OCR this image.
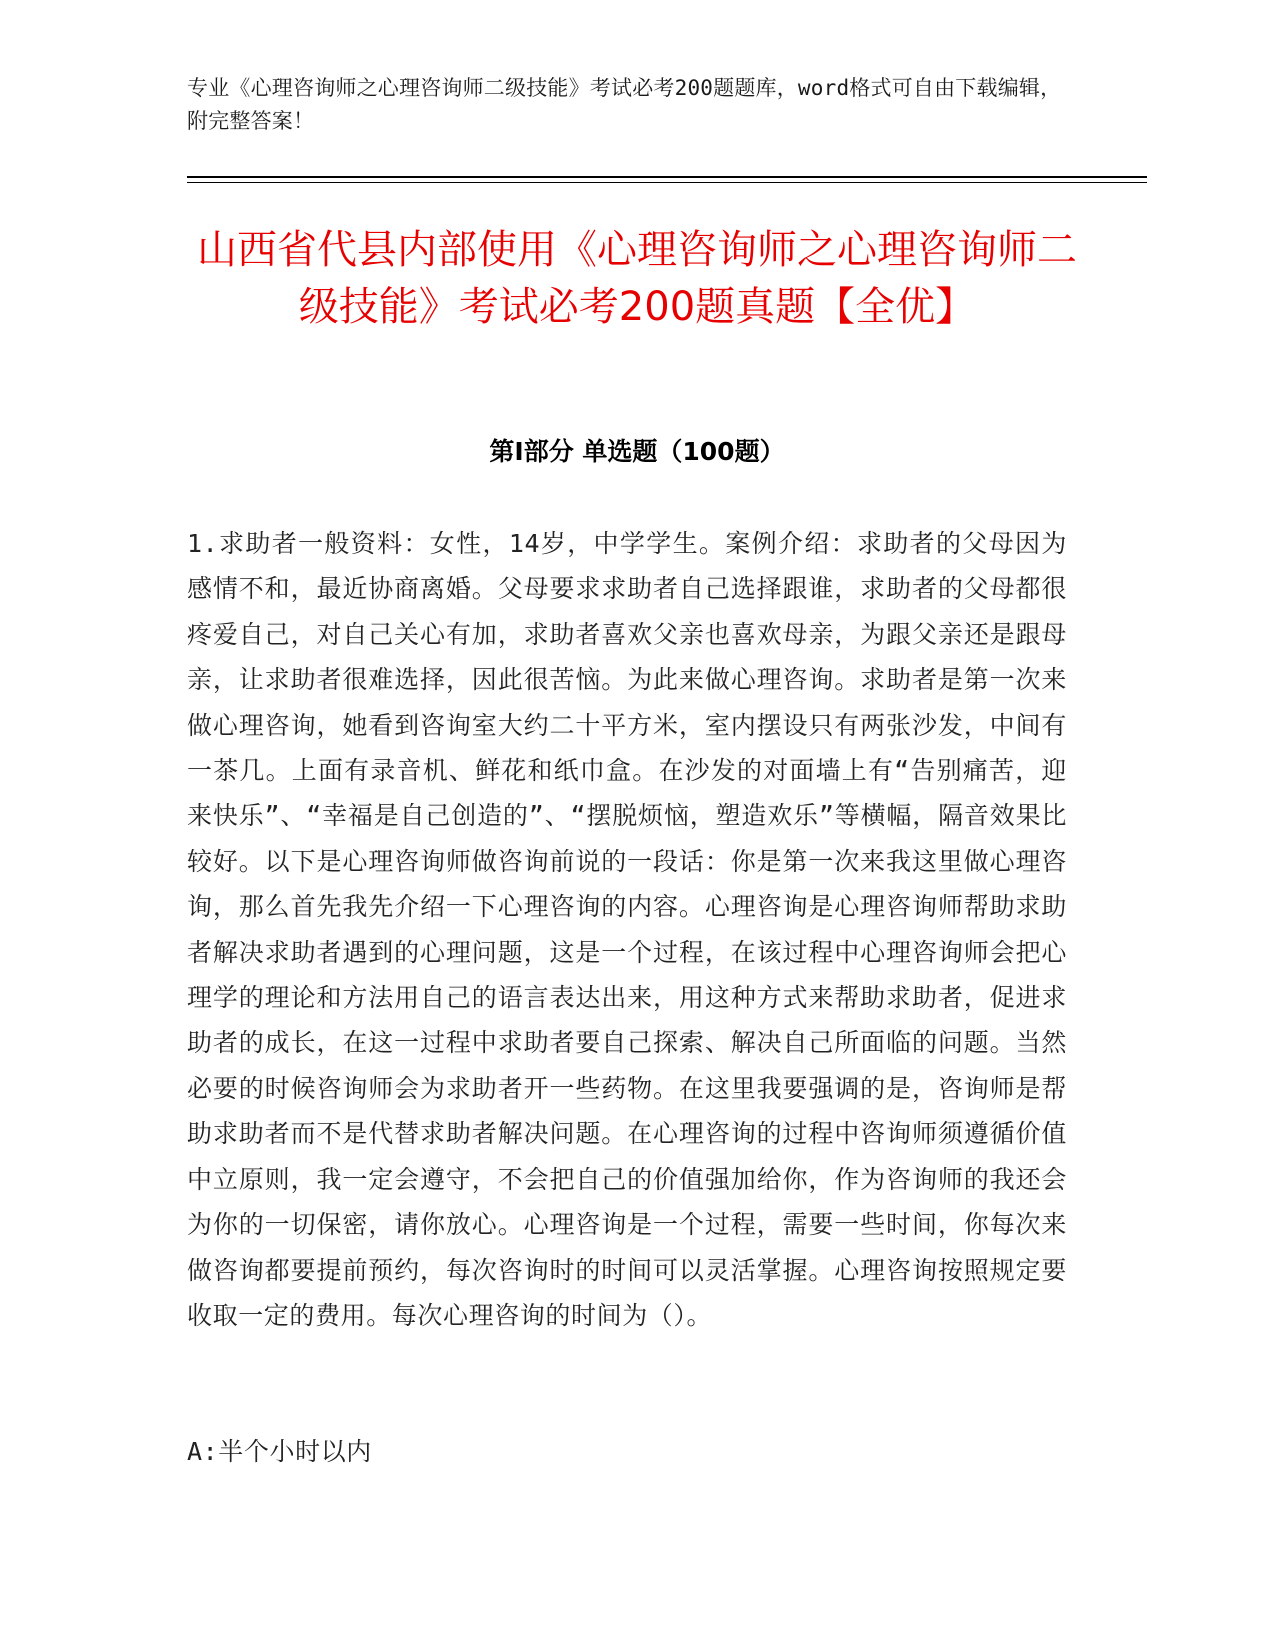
专业《心理咨询师之心理咨询师二级技能》考试必考200题题库，word格式可自由下载编辑，附完整答案！
山西省代县内部使用《心理咨询师之心理咨询师二级技能》考试必考200题真题【全优】
第Ⅰ部分 单选题（100题）

1.求助者一般资料：女性，14岁，中学学生。案例介绍：求助者的父母因为感情不和，最近协商离婚。父母要求求助者自己选择跟谁，求助者的父母都很疼爱自己，对自己关心有加，求助者喜欢父亲也喜欢母亲，为跟父亲还是跟母亲，让求助者很难选择，因此很苦恼。为此来做心理咨询。求助者是第一次来做心理咨询，她看到咨询室大约二十平方米，室内摆设只有两张沙发，中间有一茶几。上面有录音机、鲜花和纸巾盒。在沙发的对面墙上有“告别痛苦，迎来快乐”、“幸福是自己创造的”、“摆脱烦恼，塑造欢乐”等横幅，隔音效果比较好。以下是心理咨询师做咨询前说的一段话：你是第一次来我这里做心理咨询，那么首先我先介绍一下心理咨询的内容。心理咨询是心理咨询师帮助求助者解决求助者遇到的心理问题，这是一个过程，在该过程中心理咨询师会把心理学的理论和方法用自己的语言表达出来，用这种方式来帮助求助者，促进求助者的成长，在这一过程中求助者要自己探索、解决自己所面临的问题。当然必要的时候咨询师会为求助者开一些药物。在这里我要强调的是，咨询师是帮助求助者而不是代替求助者解决问题。在心理咨询的过程中咨询师须遵循价值中立原则，我一定会遵守，不会把自己的价值强加给你，作为咨询师的我还会为你的一切保密，请你放心。心理咨询是一个过程，需要一些时间，你每次来做咨询都要提前预约，每次咨询时的时间可以灵活掌握。心理咨询按照规定要收取一定的费用。每次心理咨询的时间为（）。

A:半个小时以内
